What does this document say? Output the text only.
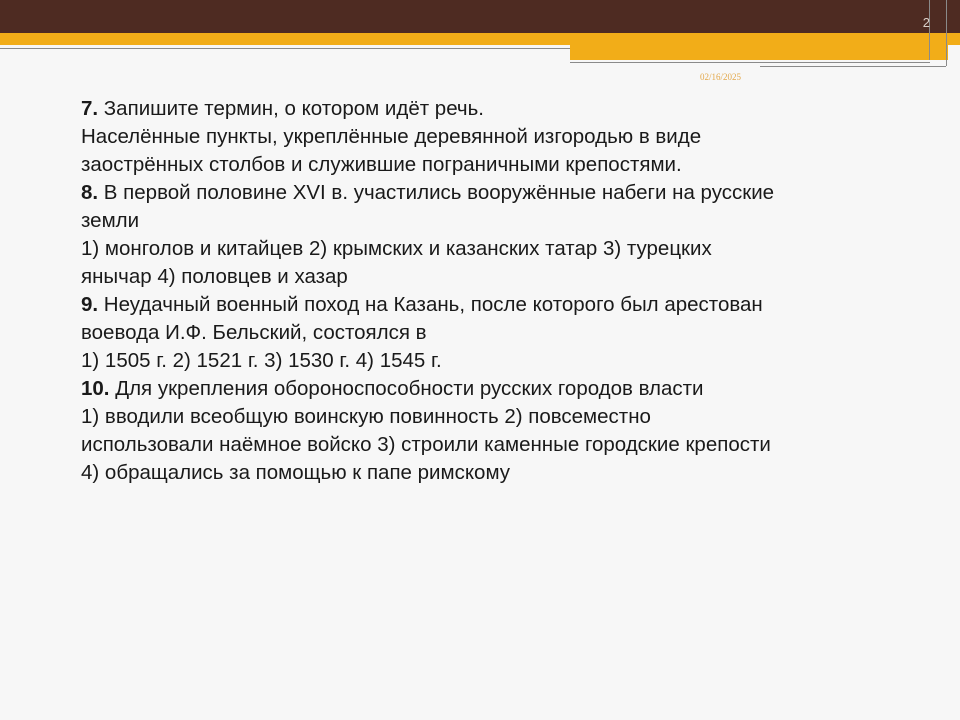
2
02/16/2025

7. Запишите термин, о котором идёт речь.

Населённые пункты, укреплённые деревянной изгородью в виде

заострённых столбов и служившие пограничными крепостями.

8. В первой половине XVI в. участились вооружённые набеги на русские

земли

1) монголов и китайцев 2) крымских и казанских татар 3) турецких

янычар 4) половцев и хазар

9. Неудачный военный поход на Казань, после которого был арестован

воевода И.Ф. Бельский, состоялся в

1) 1505 г. 2) 1521 г. 3) 1530 г. 4) 1545 г.

10. Для укрепления обороноспособности русских городов власти

1) вводили всеобщую воинскую повинность 2) повсеместно

использовали наёмное войско 3) строили каменные городские крепости

4) обращались за помощью к папе римскому
